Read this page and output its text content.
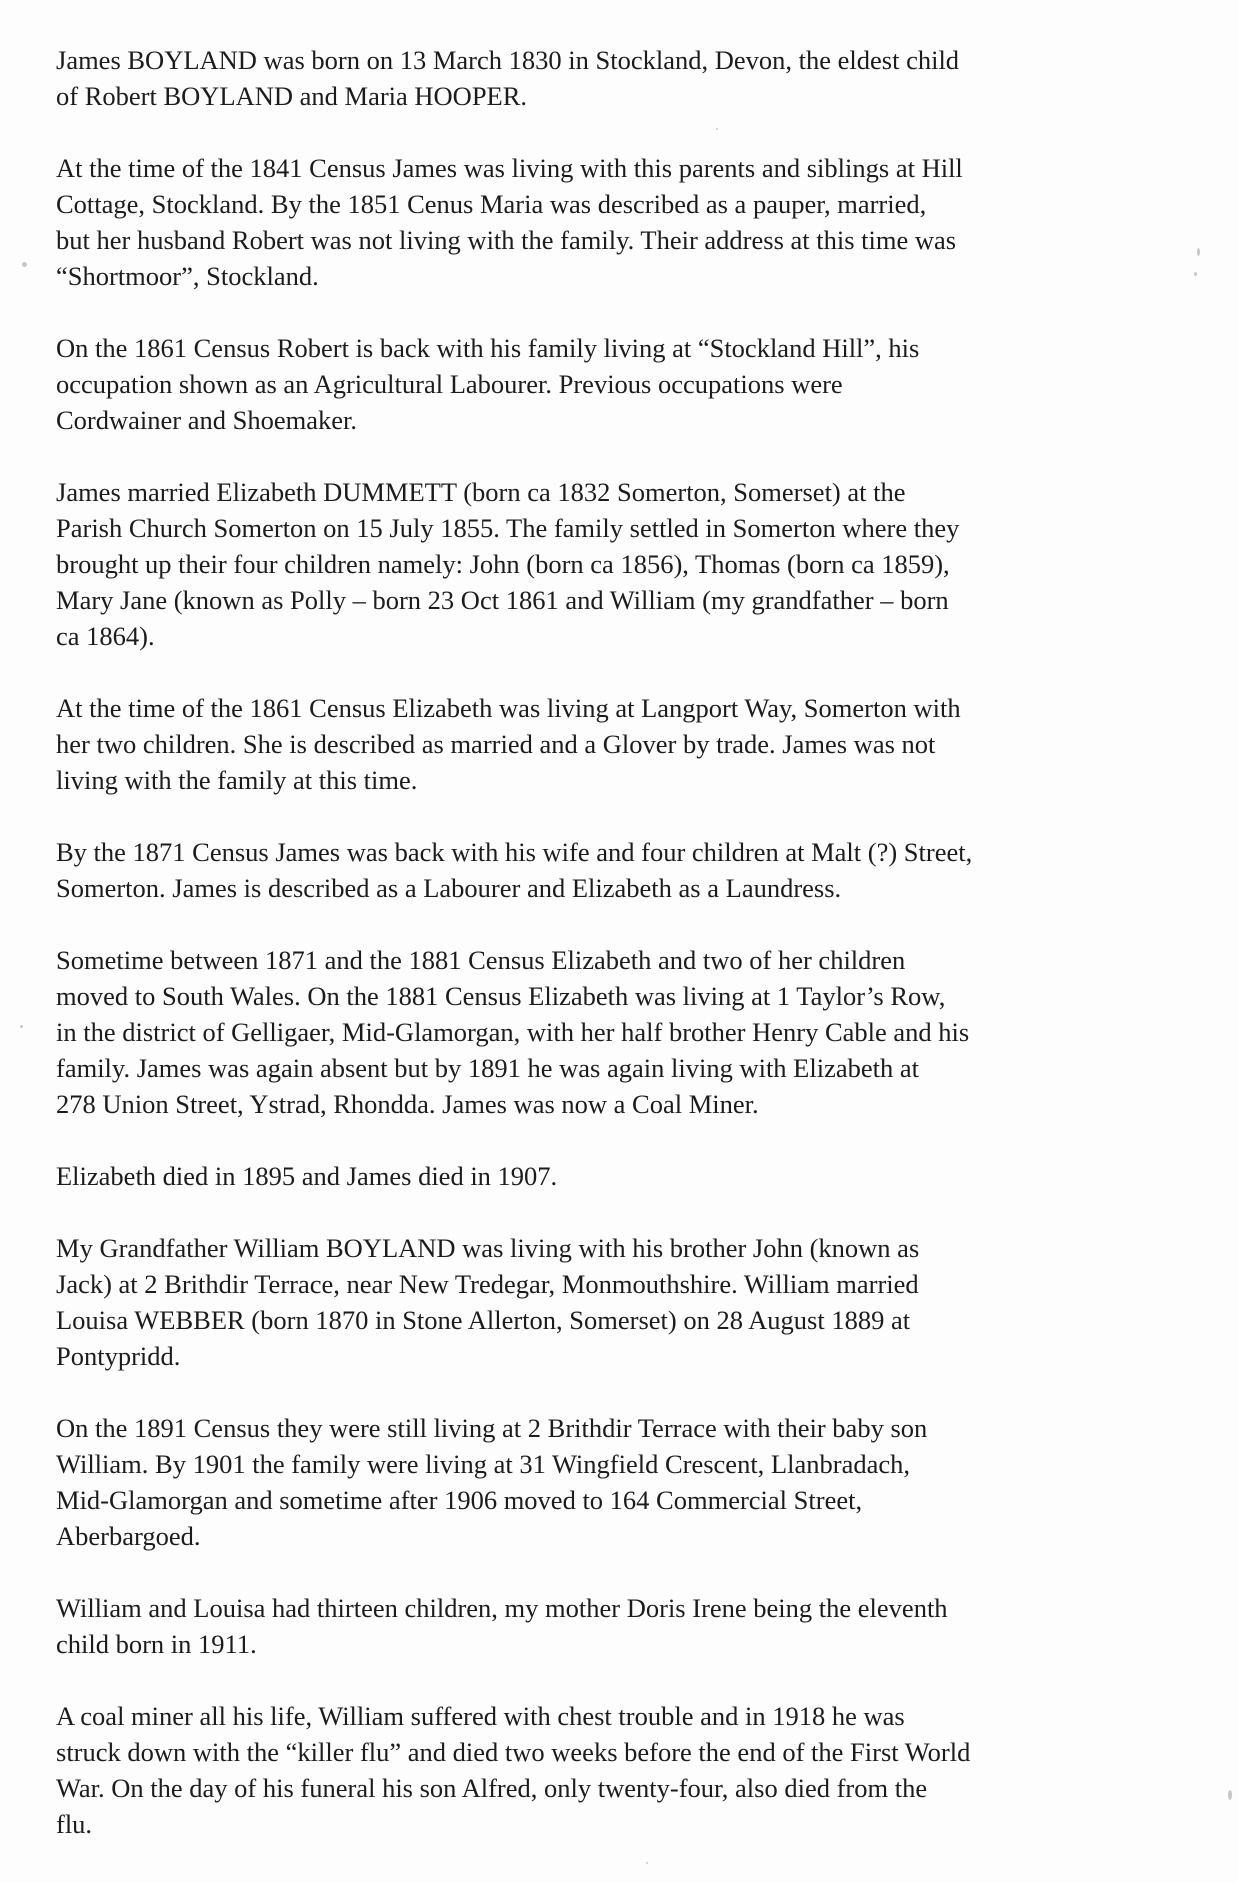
James BOYLAND was born on 13 March 1830 in Stockland, Devon, the eldest child
of Robert BOYLAND and Maria HOOPER.

At the time of the 1841 Census James was living with this parents and siblings at Hill
Cottage, Stockland. By the 1851 Cenus Maria was described as a pauper, married,
but her husband Robert was not living with the family. Their address at this time was
“Shortmoor”, Stockland.

On the 1861 Census Robert is back with his family living at “Stockland Hill”, his
occupation shown as an Agricultural Labourer. Previous occupations were
Cordwainer and Shoemaker.

James married Elizabeth DUMMETT (born ca 1832 Somerton, Somerset) at the
Parish Church Somerton on 15 July 1855. The family settled in Somerton where they
brought up their four children namely: John (born ca 1856), Thomas (born ca 1859),
Mary Jane (known as Polly – born 23 Oct 1861 and William (my grandfather – born
ca 1864).

At the time of the 1861 Census Elizabeth was living at Langport Way, Somerton with
her two children. She is described as married and a Glover by trade. James was not
living with the family at this time.

By the 1871 Census James was back with his wife and four children at Malt (?) Street,
Somerton. James is described as a Labourer and Elizabeth as a Laundress.

Sometime between 1871 and the 1881 Census Elizabeth and two of her children
moved to South Wales. On the 1881 Census Elizabeth was living at 1 Taylor’s Row,
in the district of Gelligaer, Mid-Glamorgan, with her half brother Henry Cable and his
family. James was again absent but by 1891 he was again living with Elizabeth at
278 Union Street, Ystrad, Rhondda. James was now a Coal Miner.

Elizabeth died in 1895 and James died in 1907.

My Grandfather William BOYLAND was living with his brother John (known as
Jack) at 2 Brithdir Terrace, near New Tredegar, Monmouthshire. William married
Louisa WEBBER (born 1870 in Stone Allerton, Somerset) on 28 August 1889 at
Pontypridd.

On the 1891 Census they were still living at 2 Brithdir Terrace with their baby son
William. By 1901 the family were living at 31 Wingfield Crescent, Llanbradach,
Mid-Glamorgan and sometime after 1906 moved to 164 Commercial Street,
Aberbargoed.

William and Louisa had thirteen children, my mother Doris Irene being the eleventh
child born in 1911.

A coal miner all his life, William suffered with chest trouble and in 1918 he was
struck down with the “killer flu” and died two weeks before the end of the First World
War. On the day of his funeral his son Alfred, only twenty-four, also died from the
flu.
